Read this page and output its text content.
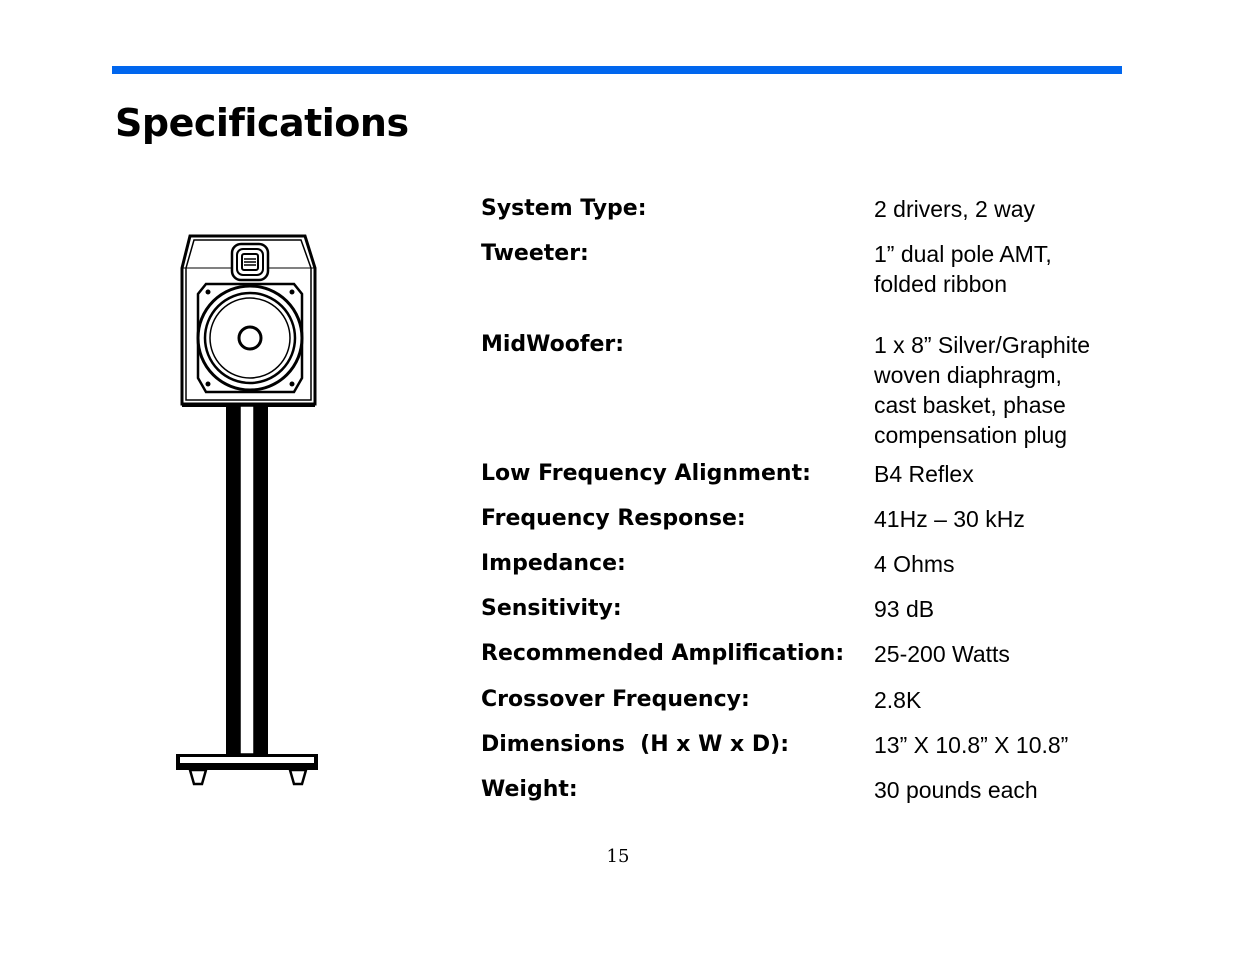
Specifications
System Type:	2 drivers, 2 way
Tweeter:	1” dual pole AMT,
folded ribbon
MidWoofer:	1 x 8” Silver/Graphite
woven diaphragm,
cast basket, phase
compensation plug
Low Frequency Alignment:	B4 Reflex
Frequency Response:	41Hz – 30 kHz
Impedance:	4 Ohms
Sensitivity:	93 dB
Recommended Amplification: 25-200 Watts
Crossover Frequency:	2.8K
Dimensions  (H x W x D):	13” X 10.8” X 10.8”
Weight:	30 pounds each
15
